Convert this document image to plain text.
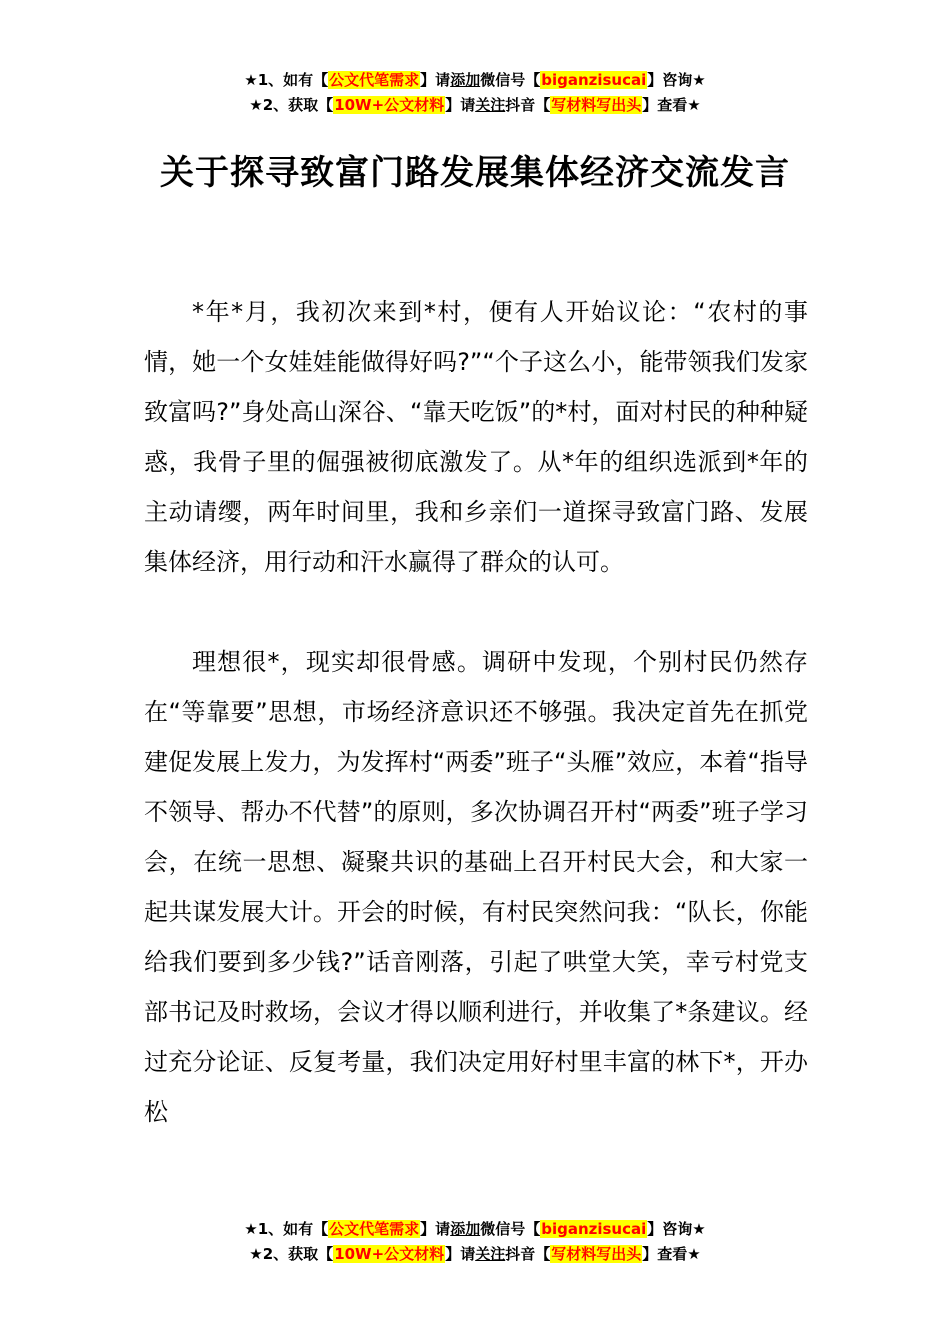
★1、如有【公文代笔需求】请添加微信号【biganzisucai】咨询★
★2、获取【10W+公文材料】请关注抖音【写材料写出头】查看★
关于探寻致富门路发展集体经济交流发言

*年*月，我初次来到*村，便有人开始议论：“农村的事情，她一个女娃娃能做得好吗?”“个子这么小，能带领我们发家致富吗?”身处高山深谷、“靠天吃饭”的*村，面对村民的种种疑惑，我骨子里的倔强被彻底激发了。从*年的组织选派到*年的主动请缨，两年时间里，我和乡亲们一道探寻致富门路、发展集体经济，用行动和汗水赢得了群众的认可。

理想很*，现实却很骨感。调研中发现，个别村民仍然存在“等靠要”思想，市场经济意识还不够强。我决定首先在抓党建促发展上发力，为发挥村“两委”班子“头雁”效应，本着“指导不领导、帮办不代替”的原则，多次协调召开村“两委”班子学习会，在统一思想、凝聚共识的基础上召开村民大会，和大家一起共谋发展大计。开会的时候，有村民突然问我：“队长，你能给我们要到多少钱?”话音刚落，引起了哄堂大笑，幸亏村党支部书记及时救场，会议才得以顺利进行，并收集了*条建议。经过充分论证、反复考量，我们决定用好村里丰富的林下*，开办松

★1、如有【公文代笔需求】请添加微信号【biganzisucai】咨询★
★2、获取【10W+公文材料】请关注抖音【写材料写出头】查看★
